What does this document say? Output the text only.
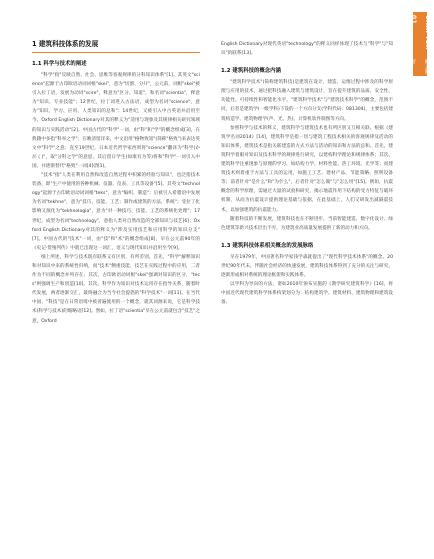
CHAPTER 01
概念解析
1 建筑科技体系的发展
1.1 科学与技术的阐述

"科学"指"反映自然、社会、思维等客观规律的分科知识体系"[1]。其英文"science"起源于古印欧语动词词根"skei"，意为"切割、分开"，公元前，词根"skei"被引入拉丁语，发展为动词"scire"，释意为"区分、知道"，和名词"scientia"，释意为"知识、专业技能"；12世纪，拉丁词进入古法语，成型为名词"science"，意为"知识、学习、应用、人类知识的总和"；14世纪，又被引入中古英语并沿用至今。Oxford English Dictionary对其的释义为"适用与现象及其规律相关研究领域的知识与实践活动"[2]。中国古代的"科学"一词，由"科"和"学"的概念组成[3]，在典籍中多指"科举之学"；在晚清留洋来，中文沿用"格物致知"(简称"格致")来表达英文中"科学"之意；直至19世纪，日本近代哲学家西周将"science"翻译为"科学(かがく)"，取"分科之学"的意思，其后留日学生(如康有为等)将和"科学"一词引入中国，并逐渐替代"格致"一词[4](图1)。

"技术"指"人类在利用自然和改造自然过程中积累的经验与知识"，也泛指技术装备，即"生产中使用的各种机械、仪器、仪表、工具等设备"[5]。其英文"technology"起源于古印欧语动词词根"teks"，意为"编织、制造"；后被引入希腊语中发展为名词"tekhne"，意为"技巧、技能、工艺；制作或建筑的方法、系统"；受拉丁化影响又演化为"tekhnologia"，意为"对一种技巧、技能、工艺的系统化处理"；17世纪，成型为名词"technology"，意指人类对自然改造的全部知识与技艺[6]；Oxford English Dictionary对其的释义为"涉及实用技艺和应用科学的知识分支"[7]。中国古代的"技术"一词，由"技"和"术"的概念组成[8]，早在公元前90年的《史记·货殖列传》中就已出现这一词汇，语义与现代知识并沿用至今[9]。

细上所述，科学与技术既有联系又有区别，有所差别。首先，"科学"解释知识和对知识中来的系统性归纳，而"技术"侧重技能、技艺在实践过程中的应用，二者作为不同的概念并列存在；其次，古印欧语动词根"skei"强调对知识的区分，"tecs"则强调生产和创造[10]。其次，科学作为知识对技术运用存在指导关系，随着时代发展，两者逐渐交汇，最终融合为当今社会提倡的"科学技术"一词[11]。在当代中国，"科技"是在日常语境中被普遍使用的一个概念，就其词源来说，它是科学技术(科学与技术)的缩略语[12]。然如，拉丁语"scientia"早在公元前就包含"技艺"之意，Oxford

English Dictionary对现代英语"technology"的释义同样体现了技术与"科学"与"知识"的联系[13]。

1.2 建筑科技的概念内涵

"建筑科学技术"(简称建筑科技)是建筑在设计、建造、运维过程中涉及的科学原理与应用的技术，通过把科技融入建筑与建筑设计，旨在提升建筑的品质、安全性、功能性、可持续性和智能化水平。"建筑科学技术"与"建筑技术科学"的概念，范围不同，后者是建筑学(一级学科)下设的一个方向分支(学科代码：081304)，主要包括建筑构造学、建筑物理学(声、光、热)、计算机软件制图等方向。

参照科学与技术的释义，建筑科学与建筑技术也有所区别又互相关联。根据《建筑学名词2014》[14]，建筑科学是指一切与建筑工程技术相关的客观规律及活动的知识体系，建筑技术是指关联建造的方式方法与活动的知识和方法的总和。首先，建筑科学着眼对知识及技术科学的规律进行研究，以建构科学理论和规律体系；其次，建筑科学注重现象与原理的学习，如结构力学、材料性能、热工环境、光学等；而建筑技术则着重于方法与工具的运用，如施工工艺、建材产品、节能策略、照明设备等；前者针对"是什么"和"为什么"，后者针对"怎么做"与"怎么用"[15]。例如，抗震概念的科学原理，需通过大量的试验和研究，揭示地震作用下结构的受力特征与破坏机制，从而为抗震设计提供理论基础与依据，在此基础上，人们又研发出减隔震技术，以加强建筑的抗震能力。

随着科技的不断发展，建筑科技也在不断进步，当前智能建造、数字化设计、绿色建筑等新兴技术层出不穷，为建筑业高质量发展提供了新的动力和方向。

1.3 建筑科技体系相关概念的发展脉络

早在1979年，中国著名科学家钱学森就提出了"现代科学技术体系"的概念。20世纪90年代末，伴随社会经济的快速发展，建筑科技体系得到了充分的关注与研究，逐渐形成相对系统的理论框架和实践体系。

以学科为导向的方法，诸如2010年颁布实施的《教学研究建筑科学》[16]，将中国近代现代建筑科学体系构架划分为：结构建筑学、建筑材料、建筑物理和建筑设备。
